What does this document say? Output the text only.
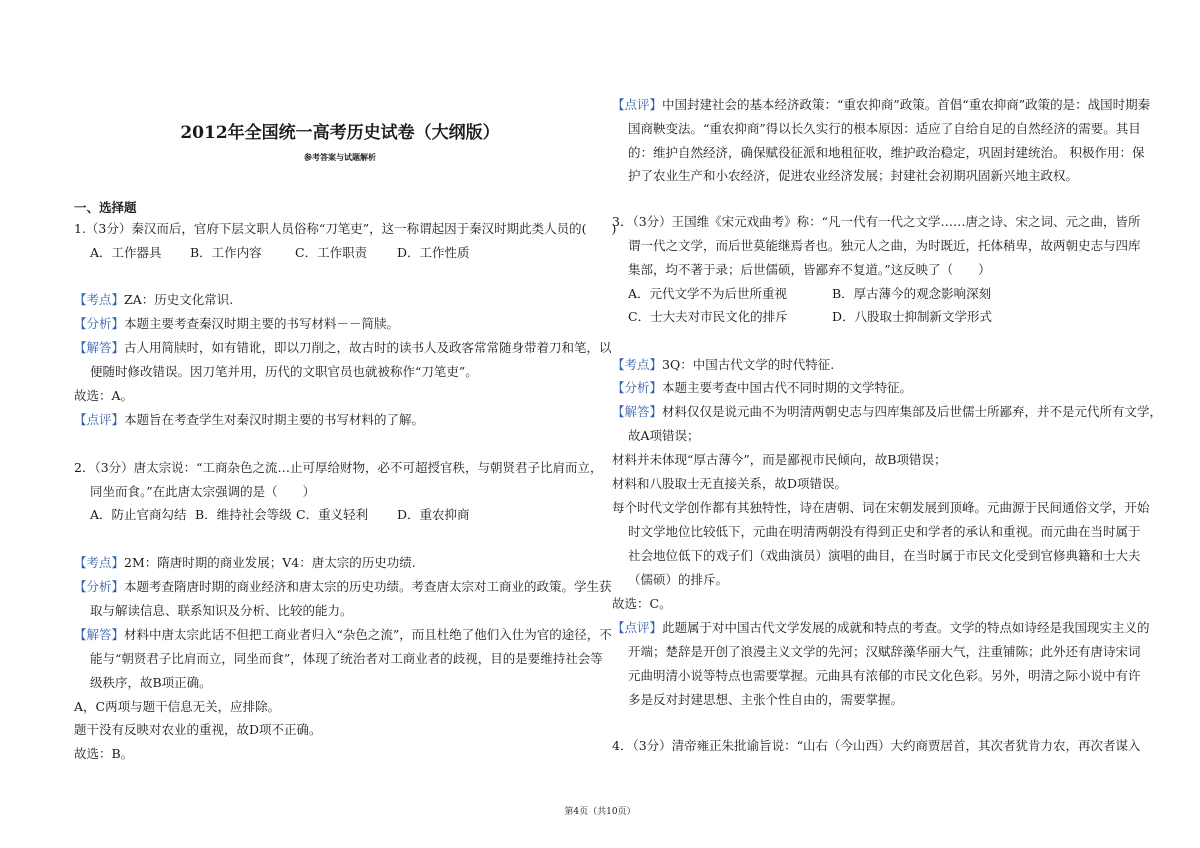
2012年全国统一高考历史试卷（大纲版）
参考答案与试题解析
一、选择题
1.（3分）秦汉而后，官府下层文职人员俗称“刀笔吏”，这一称谓起因于秦汉时期此类人员的(　　)
A．工作器具 B．工作内容	C．工作职责 D．工作性质
【考点】ZA：历史文化常识.
【分析】本题主要考查秦汉时期主要的书写材料－－简牍。
【解答】古人用简牍时，如有错讹，即以刀削之，故古时的读书人及政客常常随身带着刀和笔，以
便随时修改错误。因刀笔并用，历代的文职官员也就被称作“刀笔吏”。
故选：A。
【点评】本题旨在考查学生对秦汉时期主要的书写材料的了解。
2．（3分）唐太宗说：“工商杂色之流…止可厚给财物，必不可超授官秩，与朝贤君子比肩而立，
同坐而食。”在此唐太宗强调的是（　　）
A．防止官商勾结 B．维持社会等级 C．重义轻利 D．重农抑商
【考点】2M：隋唐时期的商业发展；V4：唐太宗的历史功绩.
【分析】本题考查隋唐时期的商业经济和唐太宗的历史功绩。考查唐太宗对工商业的政策。学生获
取与解读信息、联系知识及分析、比较的能力。
【解答】材料中唐太宗此话不但把工商业者归入“杂色之流”，而且杜绝了他们入仕为官的途径，不
能与“朝贤君子比肩而立，同坐而食”，体现了统治者对工商业者的歧视，目的是要维持社会等
级秩序，故B项正确。
A，C两项与题干信息无关，应排除。
题干没有反映对农业的重视，故D项不正确。
故选：B。
【点评】中国封建社会的基本经济政策：“重农抑商”政策。首倡“重农抑商”政策的是：战国时期秦
国商鞅变法。“重农抑商”得以长久实行的根本原因：适应了自给自足的自然经济的需要。其目
的：维护自然经济，确保赋役征派和地租征收，维护政治稳定，巩固封建统治。 积极作用：保
护了农业生产和小农经济，促进农业经济发展；封建社会初期巩固新兴地主政权。
3．（3分）王国维《宋元戏曲考》称：“凡一代有一代之文学……唐之诗、宋之词、元之曲，皆所
谓一代之文学，而后世莫能继焉者也。独元人之曲，为时既近，托体稍卑，故两朝史志与四库
集部，均不著于录；后世儒硕，皆鄙弃不复道。”这反映了（　　）
A．元代文学不为后世所重视	B．厚古薄今的观念影响深刻
C．士大夫对市民文化的排斥	D．八股取士抑制新文学形式
【考点】3Q：中国古代文学的时代特征.
【分析】本题主要考查中国古代不同时期的文学特征。
【解答】材料仅仅是说元曲不为明清两朝史志与四库集部及后世儒士所鄙弃，并不是元代所有文学，
故A项错误；
材料并未体现“厚古薄今”，而是鄙视市民倾向，故B项错误；
材料和八股取士无直接关系，故D项错误。
每个时代文学创作都有其独特性，诗在唐朝、词在宋朝发展到顶峰。元曲源于民间通俗文学，开始
时文学地位比较低下，元曲在明清两朝没有得到正史和学者的承认和重视。而元曲在当时属于
社会地位低下的戏子们（戏曲演员）演唱的曲目，在当时属于市民文化受到官修典籍和士大夫
（儒硕）的排斥。
故选：C。
【点评】此题属于对中国古代文学发展的成就和特点的考查。文学的特点如诗经是我国现实主义的
开端；楚辞是开创了浪漫主义文学的先河；汉赋辞藻华丽大气，注重铺陈；此外还有唐诗宋词
元曲明清小说等特点也需要掌握。元曲具有浓郁的市民文化色彩。另外，明清之际小说中有许
多是反对封建思想、主张个性自由的，需要掌握。
4．（3分）清帝雍正朱批谕旨说：“山右（今山西）大约商贾居首，其次者犹肯力农，再次者谋入
第4页（共10页）
